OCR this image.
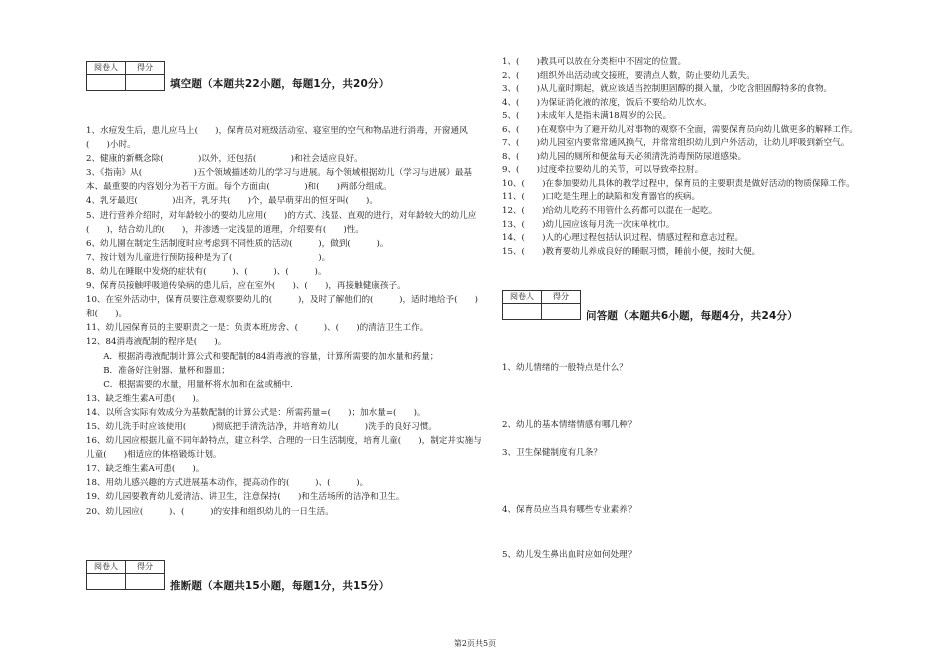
阅卷人	得分

填空题（本题共22小题，每题1分，共20分）

1、水痘发生后，患儿应马上(　　)，保育员对班级活动室、寝室里的空气和物品进行消毒，开窗通风(　　)小时。

2、健康的新概念除(　　　　)以外，还包括(　　　　)和社会适应良好。

3、《指南》从(　　　　　　)五个领域描述幼儿的学习与进展。每个领域根据幼儿（学习与进展）最基本、最重要的内容划分为若干方面。每个方面由(　　　　)和(　　)两部分组成。

4、乳牙最迟(　　　　)出齐，乳牙共(　　)个，最早萌芽出的恒牙叫(　　)。

5、进行营养介绍时，对年龄较小的要幼儿应用(　　)的方式、浅显、直观的进行，对年龄较大的幼儿应(　　)，结合幼儿的(　　)，并渗透一定浅显的道理，介绍要有(　　)性。

6、幼儿園在制定生活制度时应考虑到不同性质的活动(　　　)，做到(　　　)。

7、按计划为儿童进行预防接种是为了(　　　　　　　　　　)。

8、幼儿在睡眠中发烧的症状有(　　　)、(　　　)、(　　　)。

9、保育员接触呼吸道传染病的患儿后，应在室外(　　)、(　　)，再接触健康孩子。

10、在室外活动中，保育员要注意观察要幼儿的(　　　)，及时了解他们的(　　　)，适时地给予(　　)和(　　)。

11、幼儿园保育员的主要职责之一是：负责本班房舍、(　　　)、(　　)的清洁卫生工作。

12、84消毒液配制的程序是(　　)。

　　A．根据消毒液配制计算公式和要配制的84消毒液的容量，计算所需要的加水量和药量；

　　B．准备好注射器、量杯和器皿；

　　C．根据需要的水量，用量杯将水加和在盆或桶中.

13、缺乏维生素A可患(　　)。

14、以所含实际有效成分为基数配制的计算公式是：所需药量=(　　)；加水量=(　　)。

15、幼儿洗手时应该使用(　　　)彻底把手清洗洁净，并培育幼儿(　　　)洗手的良好习惯。

16、幼儿园应根据儿童不同年龄特点，建立科学、合理的一日生活制度，培育儿童(　　)，制定并实施与儿童(　　)相适应的体格锻炼计划。

17、缺乏维生素A可患(　　)。

18、用幼儿感兴趣的方式进展基本动作，提高动作的(　　　)、(　　　)。

19、幼儿园要教育幼儿爱清洁、讲卫生，注意保持(　　)和生活场所的洁净和卫生。

20、幼儿园应(　　　)、(　　　)的安排和组织幼儿的一日生活。

阅卷人	得分

推断题（本题共15小题，每题1分，共15分）

1、(　　)教具可以放在分类柜中不固定的位置。

2、(　　)组织外出活动或交接班，要清点人数，防止要幼儿丢失。

3、(　　)从儿童时期起，就应该适当控制胆固醇的摄入量，少吃含胆固醇特多的食物。

4、(　　)为保证消化液的浓度，饭后不要给幼儿饮水。

5、(　　)未成年人是指未满18周岁的公民。

6、(　　)在观察中为了避开幼儿对事物的观察不全面，需要保育员向幼儿做更多的解释工作。

7、(　　)幼儿园室内要常常通风换气，并常常组织幼儿到户外活动，让幼儿呼吸到新空气。

8、(　　)幼儿园的厕所和便盆每天必须清洗消毒预防尿道感染。

9、(　　)过度牵拉要幼儿的关节，可以导致牵拉肘。

10、(　　)在参加要幼儿具体的教学过程中，保育员的主要职责是做好活动的物质保障工作。

11、(　　)口吃是生理上的缺陷和发育器官的疾病。

12、(　　)给幼儿吃药不用管什么药都可以混在一起吃。

13、(　　)幼儿园应该每月洗一次床单枕巾。

14、(　　)人的心理过程包括认识过程、情感过程和意志过程。

15、(　　)教育要幼儿养成良好的睡眠习惯，睡前小便，按时大便。

阅卷人	得分

问答题（本题共6小题，每题4分，共24分）

1、幼儿情绪的一般特点是什么？

2、幼儿的基本情绪情感有哪几种？

3、卫生保健制度有几条？

4、保育员应当具有哪些专业素养？

5、幼儿发生鼻出血时应如何处理？

第2页共5页
